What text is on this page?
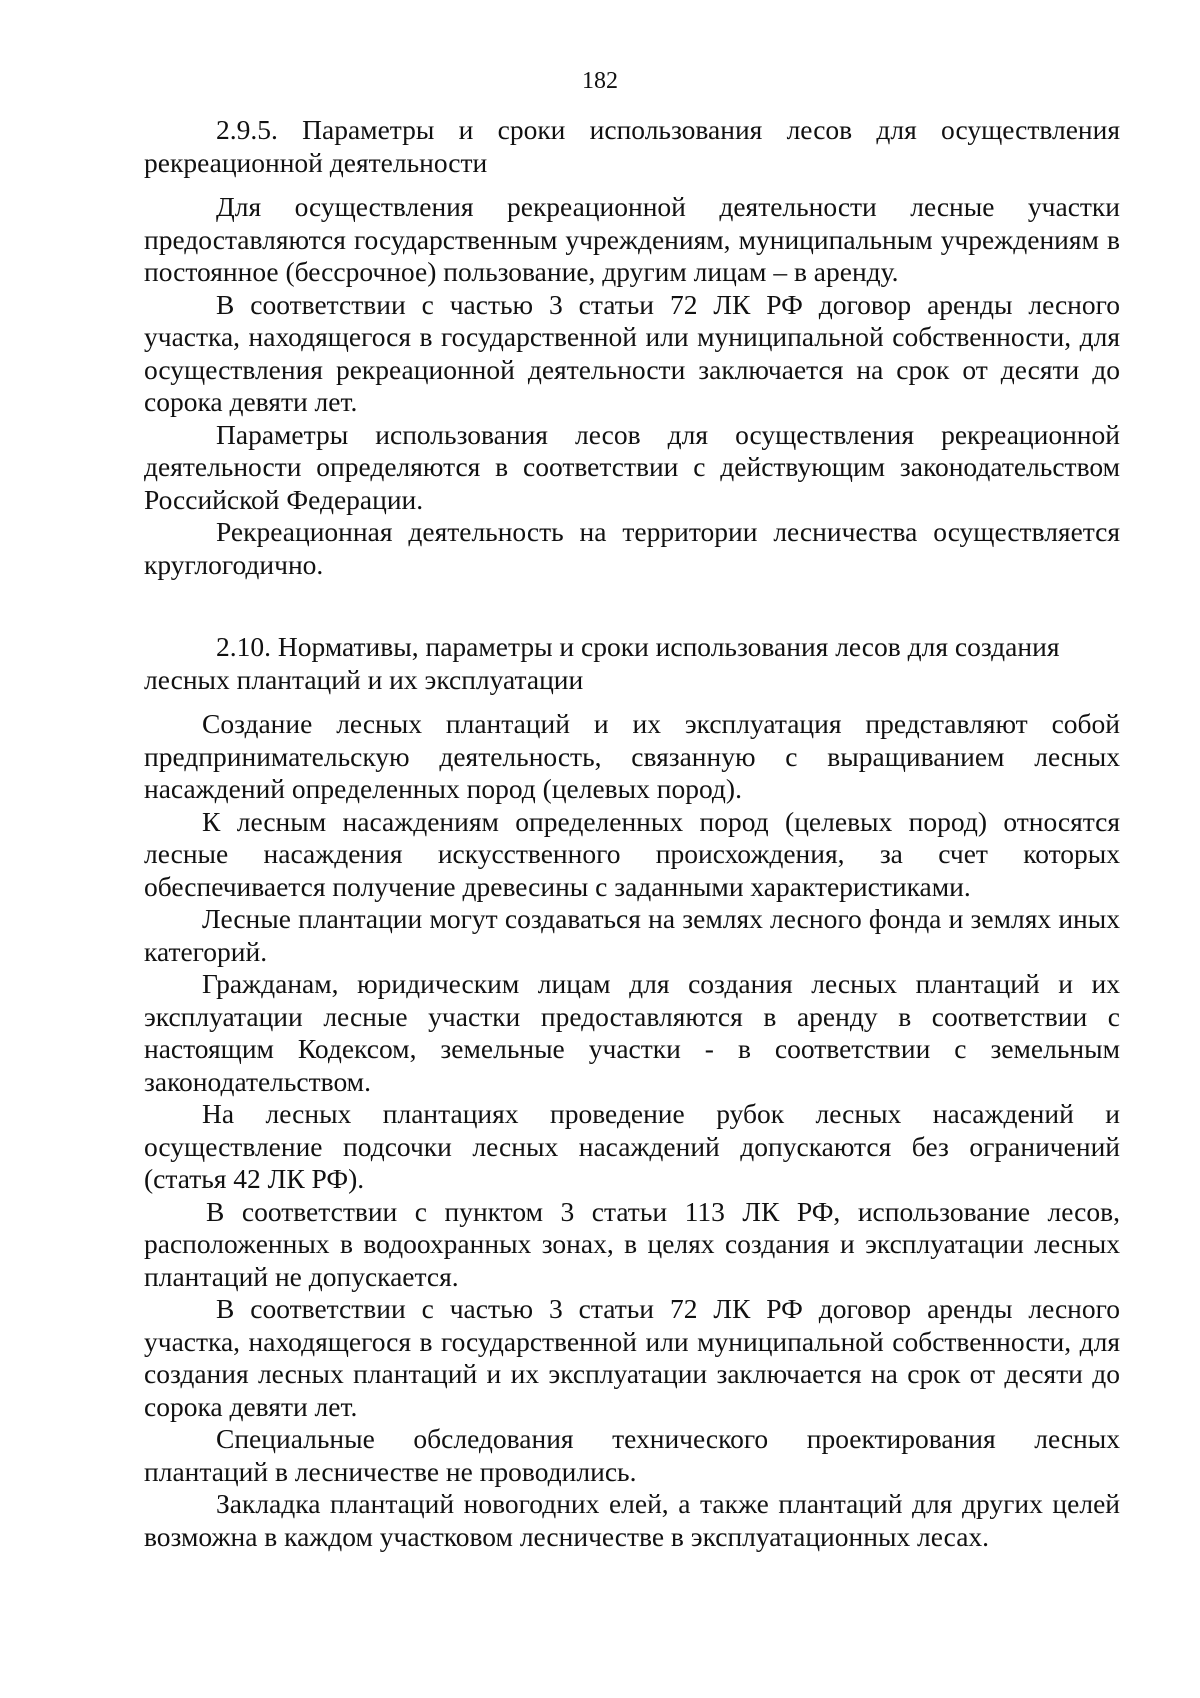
182

2.9.5. Параметры и сроки использования лесов для осуществления рекреационной деятельности

Для осуществления рекреационной деятельности лесные участки предоставляются государственным учреждениям, муниципальным учреждениям в постоянное (бессрочное) пользование, другим лицам – в аренду.

В соответствии с частью 3 статьи 72 ЛК РФ договор аренды лесного участка, находящегося в государственной или муниципальной собственности, для осуществления рекреационной деятельности заключается на срок от десяти до сорока девяти лет.

Параметры использования лесов для осуществления рекреационной деятельности определяются в соответствии с действующим законодательством Российской Федерации.

Рекреационная деятельность на территории лесничества осуществляется круглогодично.

2.10. Нормативы, параметры и сроки использования лесов для создания лесных плантаций и их эксплуатации

Создание лесных плантаций и их эксплуатация представляют собой предпринимательскую деятельность, связанную с выращиванием лесных насаждений определенных пород (целевых пород).

К лесным насаждениям определенных пород (целевых пород) относятся лесные насаждения искусственного происхождения, за счет которых обеспечивается получение древесины с заданными характеристиками.

Лесные плантации могут создаваться на землях лесного фонда и землях иных категорий.

Гражданам, юридическим лицам для создания лесных плантаций и их эксплуатации лесные участки предоставляются в аренду в соответствии с настоящим Кодексом, земельные участки - в соответствии с земельным законодательством.

На лесных плантациях проведение рубок лесных насаждений и осуществление подсочки лесных насаждений допускаются без ограничений (статья 42 ЛК РФ).

В соответствии с пунктом 3 статьи 113 ЛК РФ, использование лесов, расположенных в водоохранных зонах, в целях создания и эксплуатации лесных плантаций не допускается.

В соответствии с частью 3 статьи 72 ЛК РФ договор аренды лесного участка, находящегося в государственной или муниципальной собственности, для создания лесных плантаций и их эксплуатации заключается на срок от десяти до сорока девяти лет.

Специальные обследования технического проектирования лесных плантаций в лесничестве не проводились.

Закладка плантаций новогодних елей, а также плантаций для других целей возможна в каждом участковом лесничестве в эксплуатационных лесах.
